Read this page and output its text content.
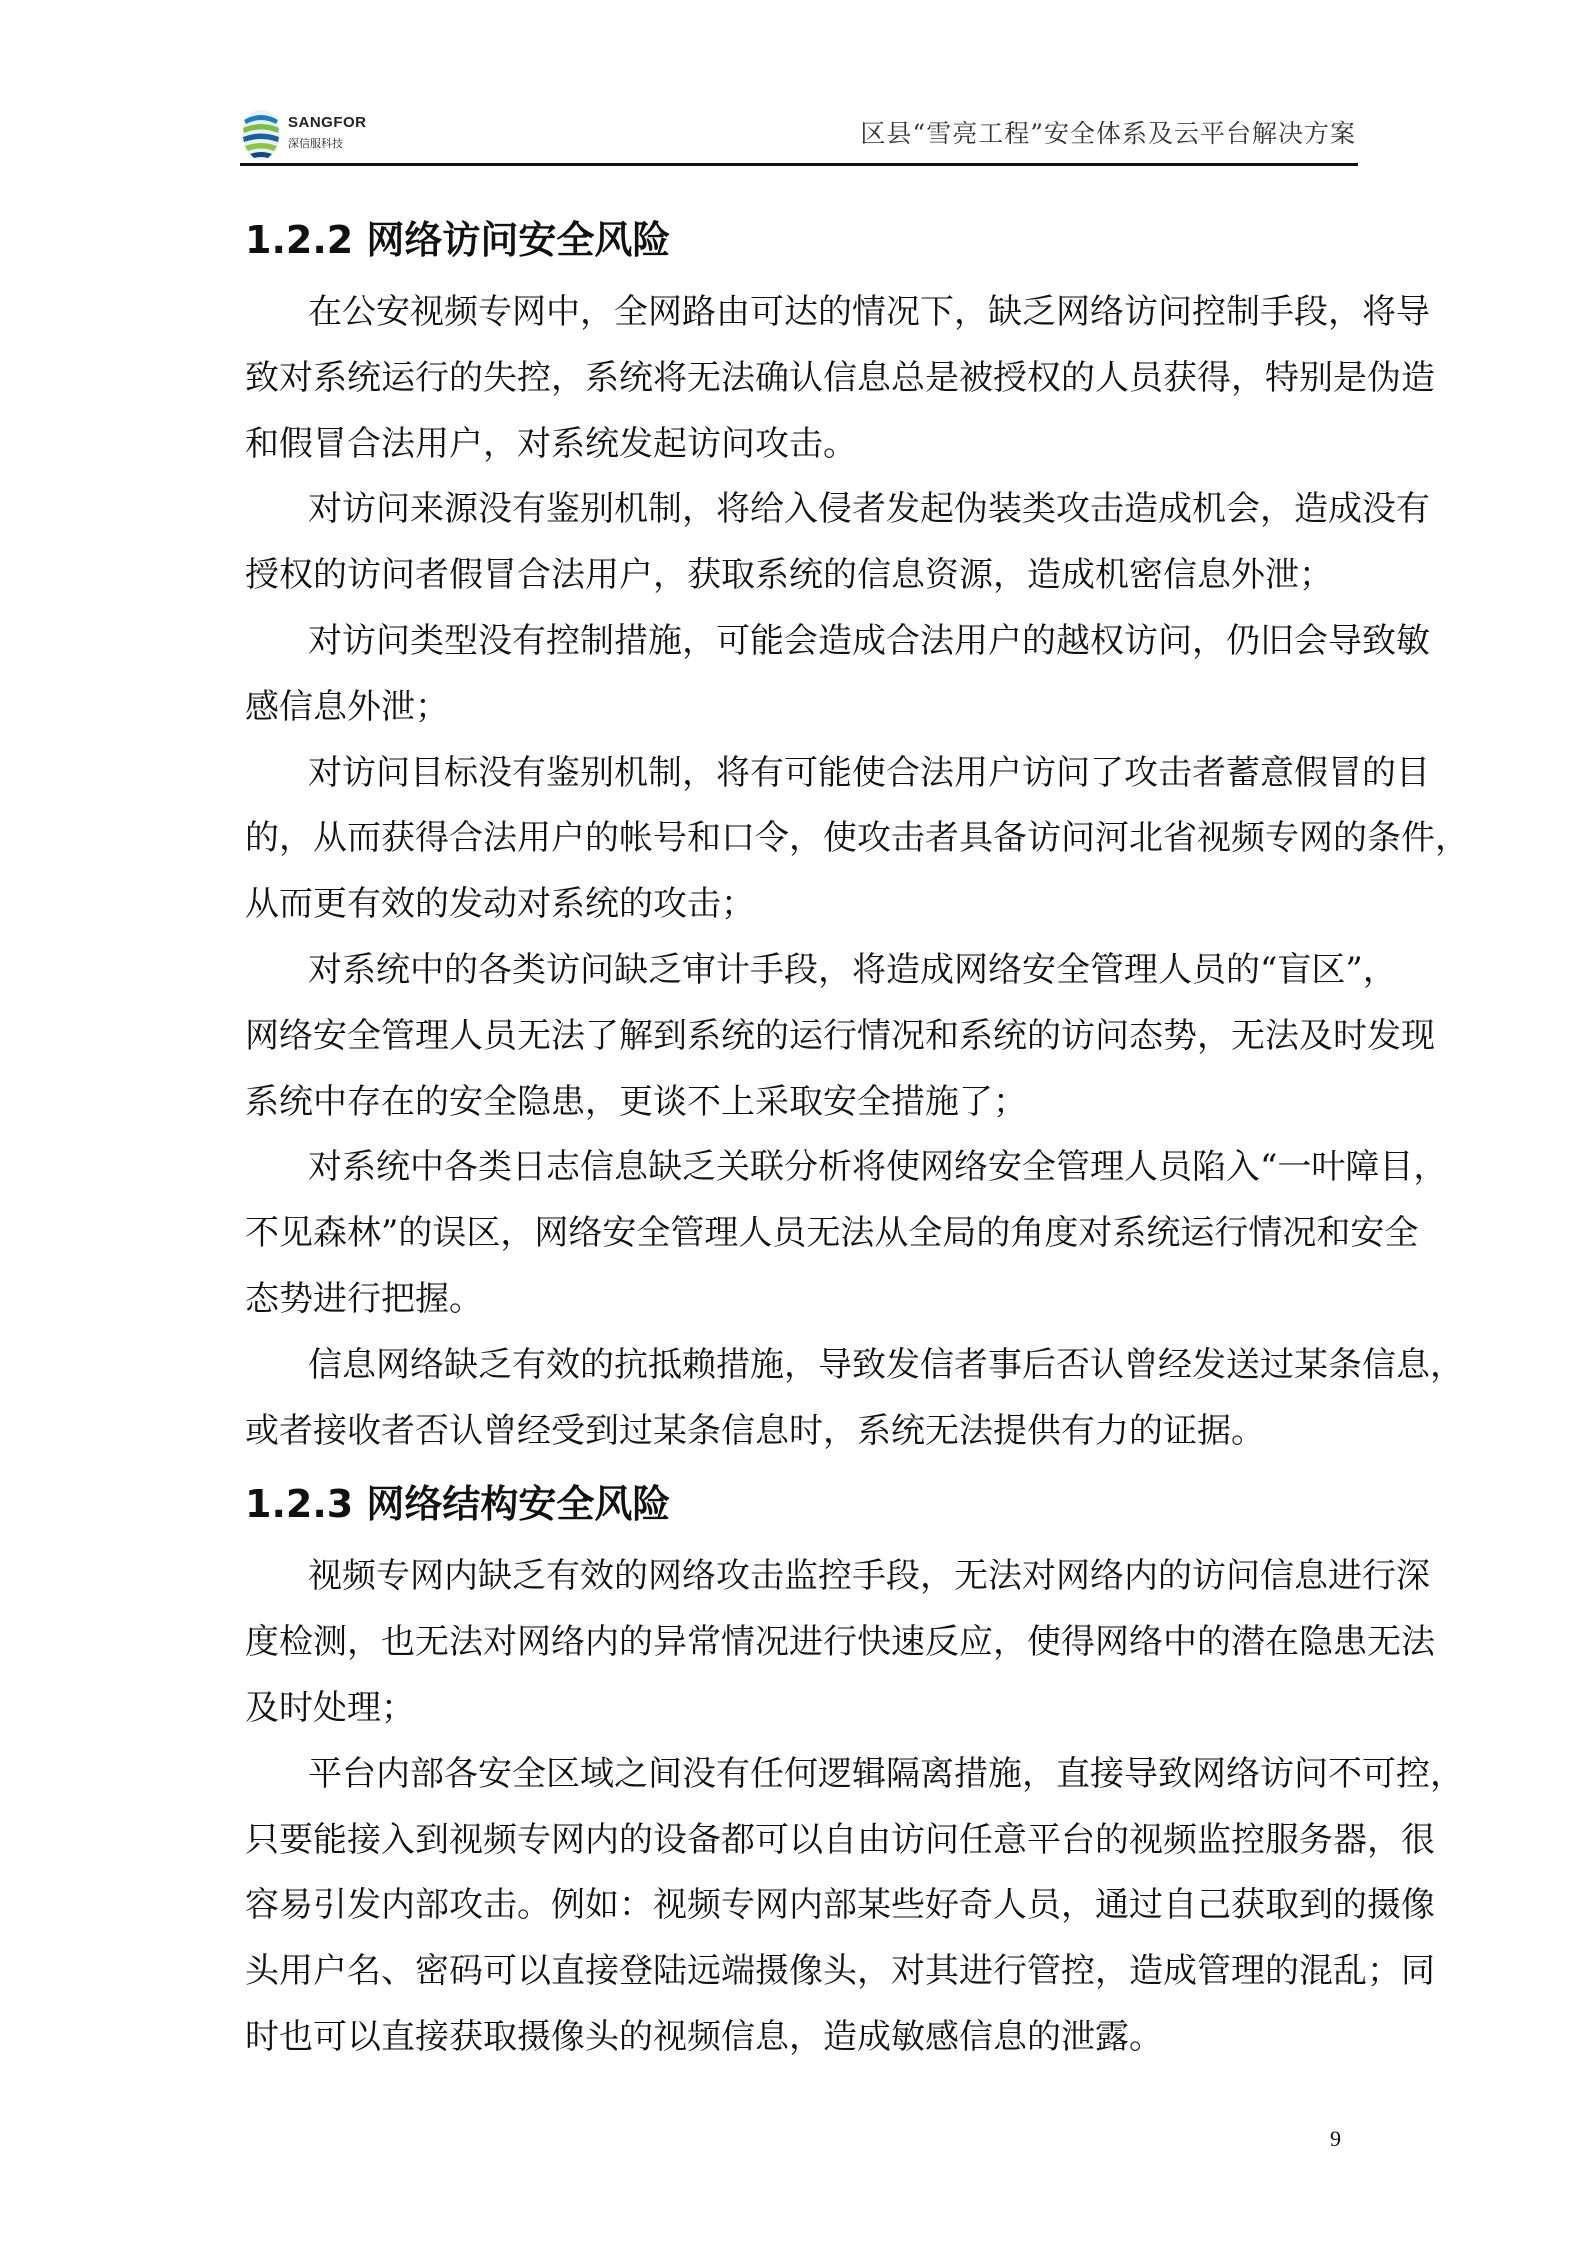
SANGFOR
深信服科技	区县“雪亮工程”安全体系及云平台解决方案
1.2.2 网络访问安全风险
在公安视频专网中，全网路由可达的情况下，缺乏网络访问控制手段，将导
致对系统运行的失控，系统将无法确认信息总是被授权的人员获得，特别是伪造
和假冒合法用户，对系统发起访问攻击。
对访问来源没有鉴别机制，将给入侵者发起伪装类攻击造成机会，造成没有
授权的访问者假冒合法用户，获取系统的信息资源，造成机密信息外泄；
对访问类型没有控制措施，可能会造成合法用户的越权访问，仍旧会导致敏
感信息外泄；
对访问目标没有鉴别机制，将有可能使合法用户访问了攻击者蓄意假冒的目
的，从而获得合法用户的帐号和口令，使攻击者具备访问河北省视频专网的条件，
从而更有效的发动对系统的攻击；
对系统中的各类访问缺乏审计手段，将造成网络安全管理人员的“盲区”，
网络安全管理人员无法了解到系统的运行情况和系统的访问态势，无法及时发现
系统中存在的安全隐患，更谈不上采取安全措施了；
对系统中各类日志信息缺乏关联分析将使网络安全管理人员陷入“一叶障目，
不见森林”的误区，网络安全管理人员无法从全局的角度对系统运行情况和安全
态势进行把握。
信息网络缺乏有效的抗抵赖措施，导致发信者事后否认曾经发送过某条信息，
或者接收者否认曾经受到过某条信息时，系统无法提供有力的证据。
1.2.3 网络结构安全风险
视频专网内缺乏有效的网络攻击监控手段，无法对网络内的访问信息进行深
度检测，也无法对网络内的异常情况进行快速反应，使得网络中的潜在隐患无法
及时处理；
平台内部各安全区域之间没有任何逻辑隔离措施，直接导致网络访问不可控，
只要能接入到视频专网内的设备都可以自由访问任意平台的视频监控服务器，很
容易引发内部攻击。例如：视频专网内部某些好奇人员，通过自己获取到的摄像
头用户名、密码可以直接登陆远端摄像头，对其进行管控，造成管理的混乱；同
时也可以直接获取摄像头的视频信息，造成敏感信息的泄露。
9
